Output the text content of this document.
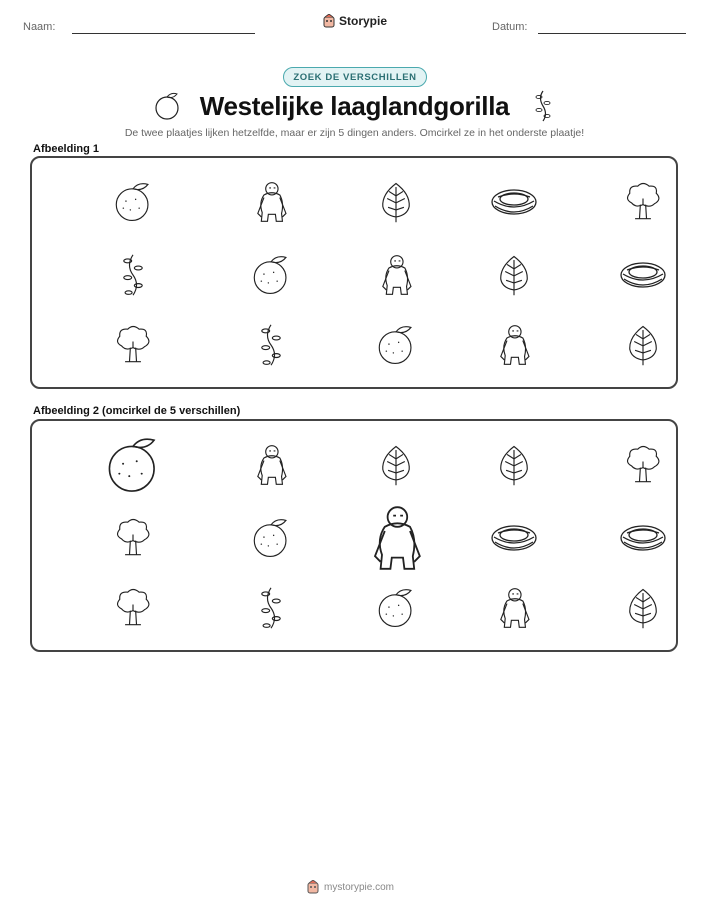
Naam:	Storypie	Datum:
ZOEK DE VERSCHILLEN
Westelijke laaglandgorilla
De twee plaatjes lijken hetzelfde, maar er zijn 5 dingen anders. Omcirkel ze in het onderste plaatje!
Afbeelding 1
Afbeelding 2 (omcirkel de 5 verschillen)
mystorypie.com
